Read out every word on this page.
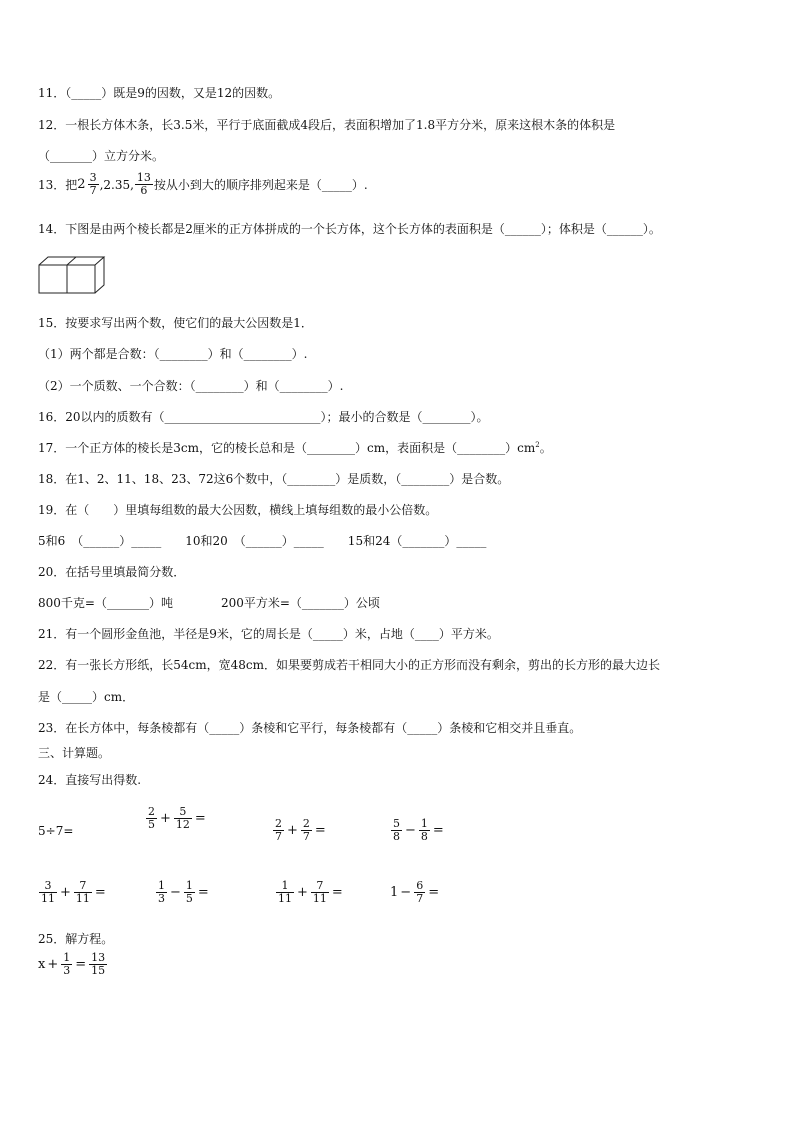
11．（_____）既是9的因数，又是12的因数。
12．一根长方体木条，长3.5米，平行于底面截成4段后，表面积增加了1.8平方分米，原来这根木条的体积是
（_______）立方分米。
13．把 $2 \frac{3}{7} ,2.35$, $\frac{13}{6}$ 按从小到大的顺序排列起来是（_____）.
14．下图是由两个棱长都是2厘米的正方体拼成的一个长方体，这个长方体的表面积是（______）；体积是（______）。
15．按要求写出两个数，使它们的最大公因数是1．
（1）两个都是合数：（________）和（________）.
（2）一个质数、一个合数：（________）和（________）.
16．20以内的质数有（__________________________）；最小的合数是（________）。
17．一个正方体的棱长是3cm，它的棱长总和是（________）cm，表面积是$(\_\_\_\_\_\_\_\_)cm^2$。
18．在1、2、11、18、23、72这6个数中，（________）是质数，（________）是合数。
19．在（　　）里填每组数的最大公因数，横线上填每组数的最小公倍数。
5和6　（______）_____　　10和20　（______）_____　　15和24（_______）_____
20．在括号里填最简分数．
800千克=（_______）吨　　　　200平方米=（_______）公顷
21．有一个圆形金鱼池，半径是9米，它的周长是（_____）米，占地（____）平方米。
22．有一张长方形纸，长54cm，宽48cm．如果要剪成若干相同大小的正方形而没有剩余，剪出的长方形的最大边长
是（_____）cm．
23．在长方体中，每条棱都有（_____）条棱和它平行，每条棱都有（_____）条棱和它相交并且垂直。
三、计算题。
24．直接写出得数.
5÷7=	$\frac{2}{5} + \frac{5}{12}$ =	$\frac{2}{7} + \frac{2}{7}$ =	$\frac{5}{8} - \frac{1}{8}$ =
$\frac{3}{11} + \frac{7}{11}$ =	$\frac{1}{3} - \frac{1}{5}$ =	$\frac{1}{11} + \frac{7}{11}$ =	$1 - \frac{6}{7}$ =
25．解方程。
$x + \frac{1}{3} = \frac{13}{15}$
